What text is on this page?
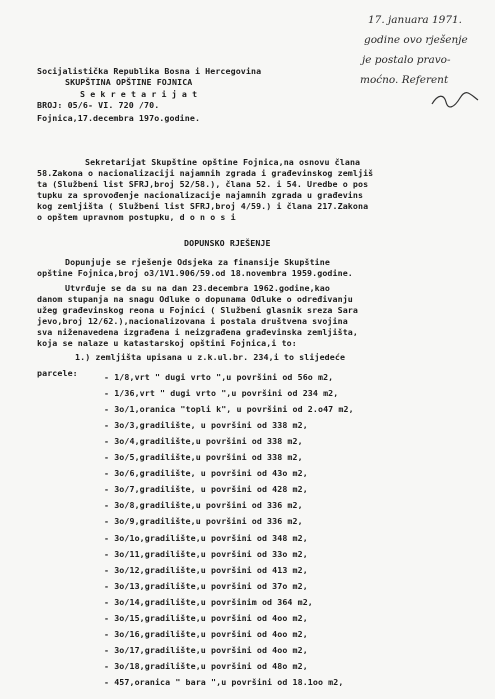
17. januara 1971.
godine ovo rješenje
je postalo pravo-
moćno. Referent
Socijalistička Republika Bosna i Hercegovina
SKUPŠTINA OPŠTINE FOJNICA
S e k r e t a r i j a t
BROJ: 05/6- VI. 720 /70.
Fojnica,17.decembra 197o.godine.
Sekretarijat Skupštine opštine Fojnica,na osnovu člana
58.Zakona o nacionalizaciji najamnih zgrada i građevinskog zemljiš
ta (Službeni list SFRJ,broj 52/58.), člana 52. i 54. Uredbe o pos
tupku za sprovođenje nacionalizacije najamnih zgrada u građevins
kog zemljišta ( Službeni list SFRJ,broj 4/59.) i člana 217.Zakona
o opštem upravnom postupku, d o n o s i
DOPUNSKO RJEŠENJE
Dopunjuje se rješenje Odsjeka za finansije Skupštine
opštine Fojnica,broj o3/1V1.906/59.od 18.novembra 1959.godine.
Utvrđuje se da su na dan 23.decembra 1962.godine,kao
danom stupanja na snagu Odluke o dopunama Odluke o određivanju
užeg građevinskog reona u Fojnici ( Službeni glasnik sreza Sara
jevo,broj 12/62.),nacionalizovana i postala društvena svojina
sva niženavedena izgrađena i neizgrađena građevinska zemljišta,
koja se nalaze u katastarskoj opštini Fojnica,i to:
1.) zemljišta upisana u z.k.ul.br. 234,i to slijedeće
parcele:	- 1/8,vrt " dugi vrto ",u površini od 56o m2,
- 1/36,vrt " dugi vrto ",u površini od 234 m2,
- 3o/1,oranica "topli k", u površini od 2.o47 m2,
- 3o/3,gradilište, u površini od 338 m2,
- 3o/4,gradilište,u površini od 338 m2,
- 3o/5,gradilište,u površini od 338 m2,
- 3o/6,gradilište, u površini od 43o m2,
- 3o/7,gradilište, u površini od 428 m2,
- 3o/8,gradilište,u površini od 336 m2,
- 3o/9,gradilište,u površini od 336 m2,
- 3o/1o,gradilište,u površini od 348 m2,
- 3o/11,gradilište,u površini od 33o m2,
- 3o/12,gradilište,u površini od 413 m2,
- 3o/13,gradilište,u površini od 37o m2,
- 3o/14,gradilište,u površinim od 364 m2,
- 3o/15,gradilište,u površini od 4oo m2,
- 3o/16,gradilište,u površini od 4oo m2,
- 3o/17,gradilište,u površini od 4oo m2,
- 3o/18,gradilište,u površini od 48o m2,
- 457,oranica " bara ",u površini od 18.1oo m2,
